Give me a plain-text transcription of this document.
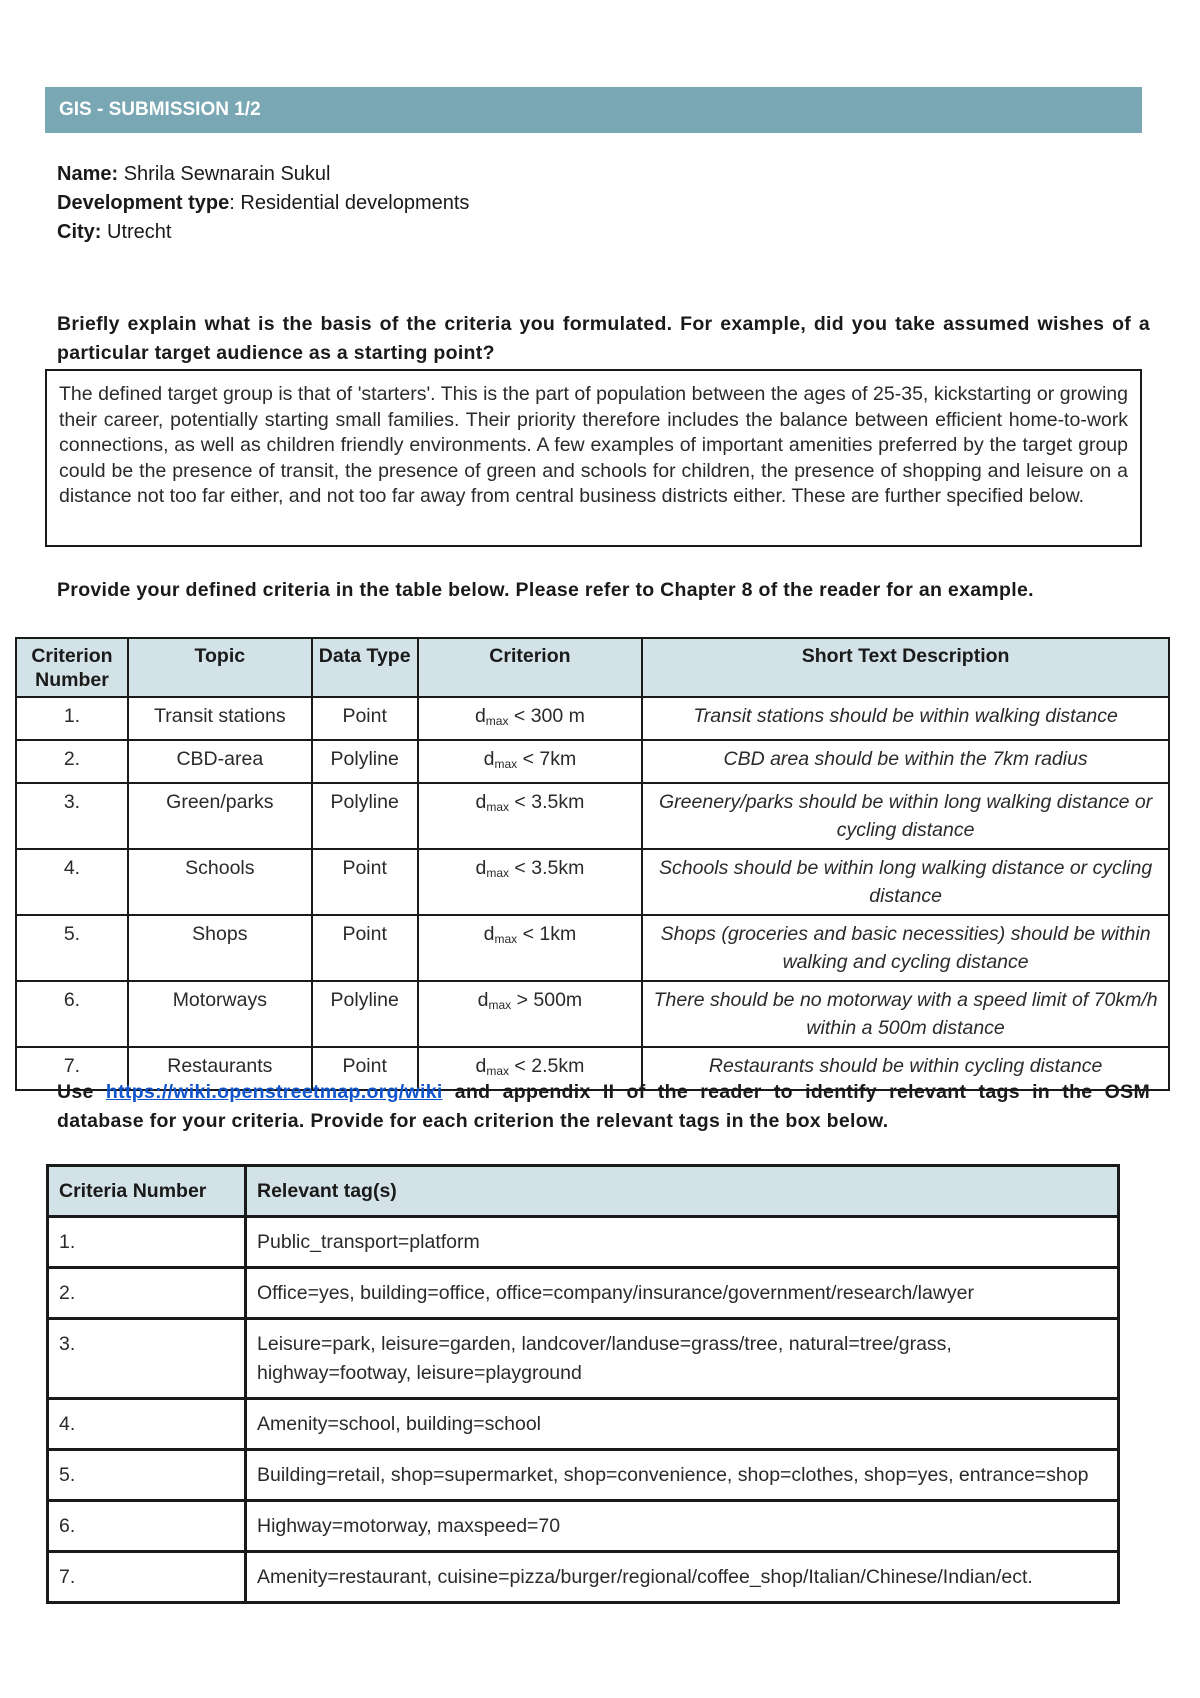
GIS - SUBMISSION 1/2
Name: Shrila Sewnarain Sukul
Development type: Residential developments
City: Utrecht
Briefly explain what is the basis of the criteria you formulated. For example, did you take assumed wishes of a particular target audience as a starting point?
The defined target group is that of 'starters'. This is the part of population between the ages of 25-35, kickstarting or growing their career, potentially starting small families. Their priority therefore includes the balance between efficient home-to-work connections, as well as children friendly environments. A few examples of important amenities preferred by the target group could be the presence of transit, the presence of green and schools for children, the presence of shopping and leisure on a distance not too far either, and not too far away from central business districts either. These are further specified below.
Provide your defined criteria in the table below. Please refer to Chapter 8 of the reader for an example.
Criterion Number	Topic	Data Type	Criterion	Short Text Description
1.	Transit stations	Point	$d_{max} < 300$ m	Transit stations should be within walking distance
2.	CBD-area	Polyline	$d_{max} < 7km$	CBD area should be within the 7km radius
3.	Green/parks	Polyline	$d_{max} < 3.5km$	Greenery/parks should be within long walking distance or cycling distance
4.	Schools	Point	$d_{max} < 3.5km$	Schools should be within long walking distance or cycling distance
5.	Shops	Point	$d_{max} < 1km$	Shops (groceries and basic necessities) should be within walking and cycling distance
6.	Motorways	Polyline	$d_{max} > 500m$	There should be no motorway with a speed limit of 70km/h within a 500m distance
7.	Restaurants	Point	$d_{max} < 2.5km$	Restaurants should be within cycling distance
Use https://wiki.openstreetmap.org/wiki and appendix II of the reader to identify relevant tags in the OSM database for your criteria. Provide for each criterion the relevant tags in the box below.
Criteria Number	Relevant tag(s)
1.	Public_transport=platform
2.	Office=yes, building=office, office=company/insurance/government/research/lawyer
3.	Leisure=park, leisure=garden, landcover/landuse=grass/tree, natural=tree/grass, highway=footway, leisure=playground
4.	Amenity=school, building=school
5.	Building=retail, shop=supermarket, shop=convenience, shop=clothes, shop=yes, entrance=shop
6.	Highway=motorway, maxspeed=70
7.	Amenity=restaurant, cuisine=pizza/burger/regional/coffee_shop/Italian/Chinese/Indian/ect.
